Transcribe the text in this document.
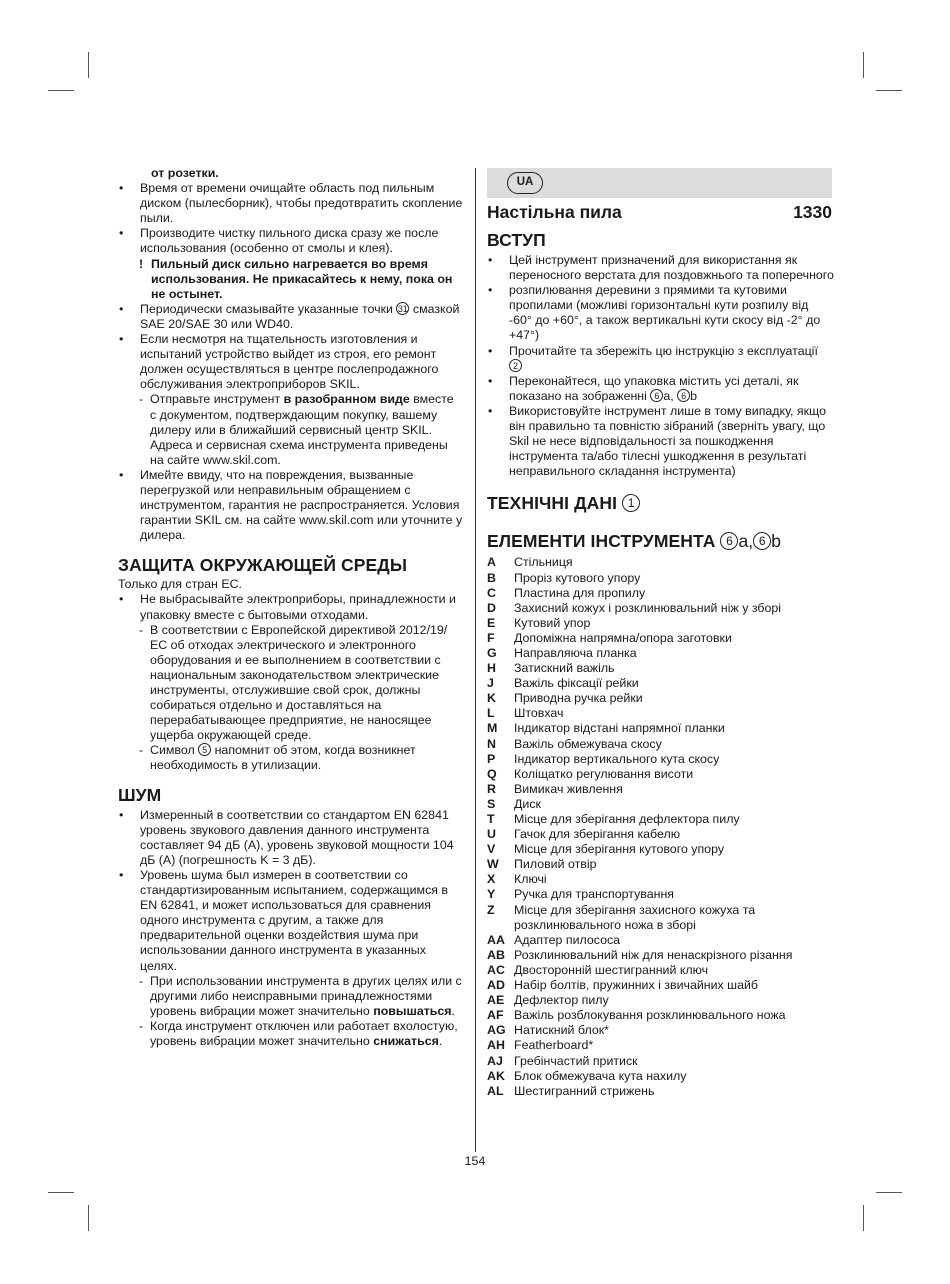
от розетки.
• Время от времени очищайте область под пильным диском (пылесборник), чтобы предотвратить скопление пыли.
• Производите чистку пильного диска сразу же после использования (особенно от смолы и клея).
! Пильный диск сильно нагревается во время использования. Не прикасайтесь к нему, пока он не остынет.
• Периодически смазывайте указанные точки 31 смазкой SAE 20/SAE 30 или WD40.
• Если несмотря на тщательность изготовления и испытаний устройство выйдет из строя, его ремонт должен осуществляться в центре послепродажного обслуживания электроприборов SKIL.
- Отправьте инструмент в разобранном виде вместе с документом, подтверждающим покупку, вашему дилеру или в ближайший сервисный центр SKIL. Адреса и сервисная схема инструмента приведены на сайте www.skil.com.
• Имейте ввиду, что на повреждения, вызванные перегрузкой или неправильным обращением с инструментом, гарантия не распространяется. Условия гарантии SKIL см. на сайте www.skil.com или уточните у дилера.
ЗАЩИТА ОКРУЖАЮЩЕЙ СРЕДЫ
Только для стран ЕС.
• Не выбрасывайте электроприборы, принадлежности и упаковку вместе с бытовыми отходами.
- В соответствии с Европейской директивой 2012/19/ЕС об отходах электрического и электронного оборудования и ее выполнением в соответствии с национальным законодательством электрические инструменты, отслужившие свой срок, должны собираться отдельно и доставляться на перерабатывающее предприятие, не наносящее ущерба окружающей среде.
- Символ 5 напомнит об этом, когда возникнет необходимость в утилизации.
ШУМ
• Измеренный в соответствии со стандартом EN 62841 уровень звукового давления данного инструмента составляет 94 дБ (A), уровень звуковой мощности 104 дБ (А) (погрешность K = 3 дБ).
• Уровень шума был измерен в соответствии со стандартизированным испытанием, содержащимся в EN 62841, и может использоваться для сравнения одного инструмента с другим, а также для предварительной оценки воздействия шума при использовании данного инструмента в указанных целях.
- При использовании инструмента в других целях или с другими либо неисправными принадлежностями уровень вибрации может значительно повышаться.
- Когда инструмент отключен или работает вхолостую, уровень вибрации может значительно снижаться.
UA
Настільна пила	1330
ВСТУП
• Цей інструмент призначений для використання як переносного верстата для поздовжнього та поперечного
• розпилювання деревини з прямими та кутовими пропилами (можливі горизонтальні кути розпилу від -60° до +60°, а також вертикальні кути скосу від -2° до +47°)
• Прочитайте та збережіть цю інструкцію з експлуатації 2
• Переконайтеся, що упаковка містить усі деталі, як показано на зображенні 6 a, 6 b
• Використовуйте інструмент лише в тому випадку, якщо він правильно та повністю зібраний (зверніть увагу, що Skil не несе відповідальності за пошкодження інструмента та/або тілесні ушкодження в результаті неправильного складання інструмента)
ТЕХНІЧНІ ДАНІ 1
ЕЛЕМЕНТИ ІНСТРУМЕНТА 6 a, 6 b
A Стільниця
B Проріз кутового упору
C Пластина для пропилу
D Захисний кожух і розклинювальний ніж у зборі
E Кутовий упор
F Допоміжна напрямна/опора заготовки
G Направляюча планка
H Затискний важіль
J Важіль фіксації рейки
K Приводна ручка рейки
L Штовхач
M Індикатор відстані напрямної планки
N Важіль обмежувача скосу
P Індикатор вертикального кута скосу
Q Коліщатко регулювання висоти
R Вимикач живлення
S Диск
T Місце для зберігання дефлектора пилу
U Гачок для зберігання кабелю
V Місце для зберігання кутового упору
W Пиловий отвір
X Ключі
Y Ручка для транспортування
Z Місце для зберігання захисного кожуха та розклинювального ножа в зборі
AA Адаптер пилососа
AB Розклинювальний ніж для ненаскрізного різання
AC Двосторонній шестигранний ключ
AD Набір болтів, пружинних і звичайних шайб
AE Дефлектор пилу
AF Важіль розблокування розклинювального ножа
AG Натискний блок*
AH Featherboard*
AJ Гребінчастий притиск
AK Блок обмежувача кута нахилу
AL Шестигранний стрижень
154
